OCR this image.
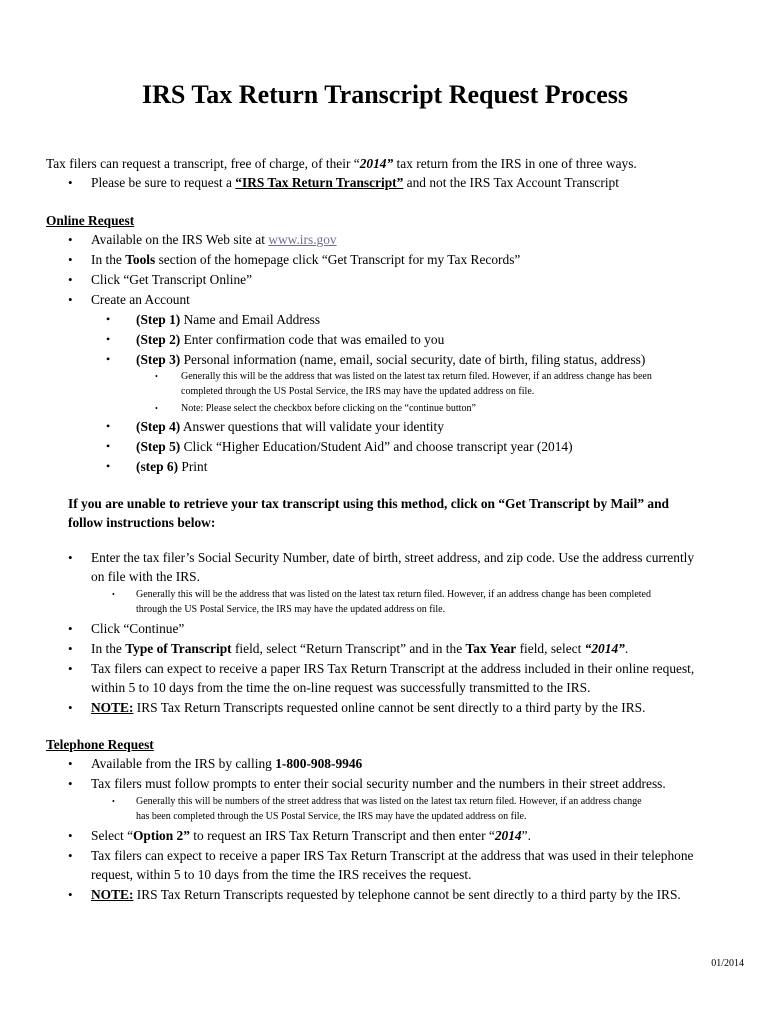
IRS Tax Return Transcript Request Process

Tax filers can request a transcript, free of charge, of their “2014” tax return from the IRS in one of three ways.

• Please be sure to request a “IRS Tax Return Transcript” and not the IRS Tax Account Transcript

Online Request

• Available on the IRS Web site at www.irs.gov

• In the Tools section of the homepage click “Get Transcript for my Tax Records”

• Click “Get Transcript Online”

• Create an Account

• (Step 1) Name and Email Address

• (Step 2) Enter confirmation code that was emailed to you

• (Step 3) Personal information (name, email, social security, date of birth, filing status, address)

• Generally this will be the address that was listed on the latest tax return filed. However, if an address change has been

completed through the US Postal Service, the IRS may have the updated address on file.

• Note: Please select the checkbox before clicking on the “continue button”

• (Step 4) Answer questions that will validate your identity

• (Step 5) Click “Higher Education/Student Aid” and choose transcript year (2014)

• (step 6) Print

If you are unable to retrieve your tax transcript using this method, click on “Get Transcript by Mail” and

follow instructions below:

• Enter the tax filer’s Social Security Number, date of birth, street address, and zip code. Use the address currently

on file with the IRS.

• Generally this will be the address that was listed on the latest tax return filed. However, if an address change has been completed

through the US Postal Service, the IRS may have the updated address on file.

• Click “Continue”

• In the Type of Transcript field, select “Return Transcript” and in the Tax Year field, select “2014”.

• Tax filers can expect to receive a paper IRS Tax Return Transcript at the address included in their online request,

within 5 to 10 days from the time the on-line request was successfully transmitted to the IRS.

• NOTE: IRS Tax Return Transcripts requested online cannot be sent directly to a third party by the IRS.

Telephone Request

• Available from the IRS by calling 1-800-908-9946

• Tax filers must follow prompts to enter their social security number and the numbers in their street address.

• Generally this will be numbers of the street address that was listed on the latest tax return filed. However, if an address change

has been completed through the US Postal Service, the IRS may have the updated address on file.

• Select “Option 2” to request an IRS Tax Return Transcript and then enter “2014”.

• Tax filers can expect to receive a paper IRS Tax Return Transcript at the address that was used in their telephone

request, within 5 to 10 days from the time the IRS receives the request.

• NOTE: IRS Tax Return Transcripts requested by telephone cannot be sent directly to a third party by the IRS.

01/2014
